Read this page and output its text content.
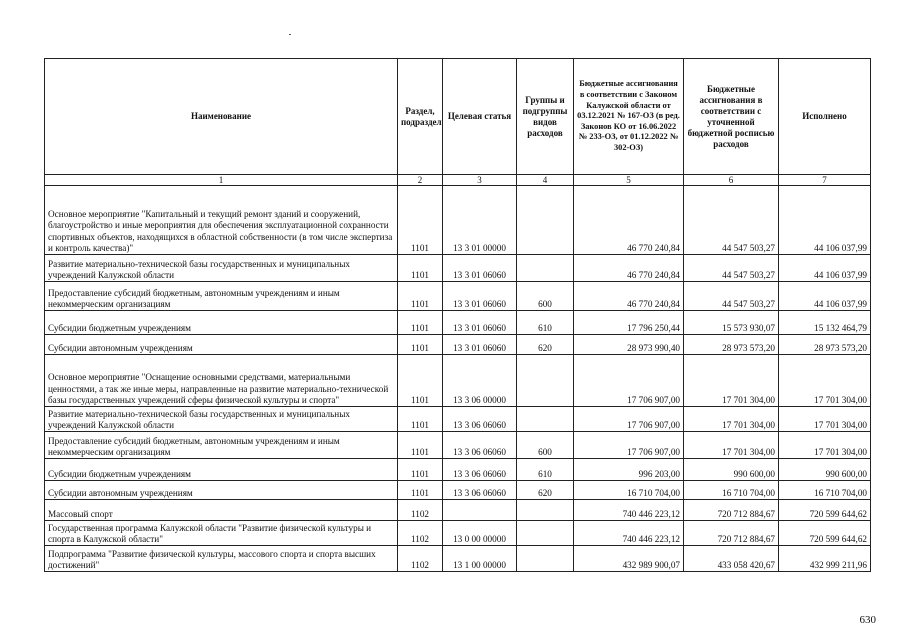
Наименование	Раздел, подраздел	Целевая статья	Группы и подгруппы видов расходов	Бюджетные ассигнования в соответствии с Законом Калужской области от 03.12.2021 № 167-ОЗ (в ред. Законов КО от 16.06.2022 № 233-ОЗ, от 01.12.2022 № 302-ОЗ)	Бюджетные ассигнования в соответствии с уточненной бюджетной росписью расходов	Исполнено
1	2	3	4	5	6	7
Основное мероприятие "Капитальный и текущий ремонт зданий и сооружений, благоустройство и иные мероприятия для обеспечения эксплуатационной сохранности спортивных объектов, находящихся в областной собственности (в том числе экспертиза и контроль качества)"	1101	13 3 01 00000		46 770 240,84	44 547 503,27	44 106 037,99
Развитие материально-технической базы государственных и муниципальных учреждений Калужской области	1101	13 3 01 06060		46 770 240,84	44 547 503,27	44 106 037,99
Предоставление субсидий бюджетным, автономным учреждениям и иным некоммерческим организациям	1101	13 3 01 06060	600	46 770 240,84	44 547 503,27	44 106 037,99
Субсидии бюджетным учреждениям	1101	13 3 01 06060	610	17 796 250,44	15 573 930,07	15 132 464,79
Субсидии автономным учреждениям	1101	13 3 01 06060	620	28 973 990,40	28 973 573,20	28 973 573,20
Основное мероприятие "Оснащение основными средствами, материальными ценностями, а так же иные меры, направленные на развитие материально-технической базы государственных учреждений сферы физической культуры и спорта"	1101	13 3 06 00000		17 706 907,00	17 701 304,00	17 701 304,00
Развитие материально-технической базы государственных и муниципальных учреждений Калужской области	1101	13 3 06 06060		17 706 907,00	17 701 304,00	17 701 304,00
Предоставление субсидий бюджетным, автономным учреждениям и иным некоммерческим организациям	1101	13 3 06 06060	600	17 706 907,00	17 701 304,00	17 701 304,00
Субсидии бюджетным учреждениям	1101	13 3 06 06060	610	996 203,00	990 600,00	990 600,00
Субсидии автономным учреждениям	1101	13 3 06 06060	620	16 710 704,00	16 710 704,00	16 710 704,00
Массовый спорт	1102			740 446 223,12	720 712 884,67	720 599 644,62
Государственная программа Калужской области "Развитие физической культуры и спорта в Калужской области"	1102	13 0 00 00000		740 446 223,12	720 712 884,67	720 599 644,62
Подпрограмма "Развитие физической культуры, массового спорта и спорта высших достижений"	1102	13 1 00 00000		432 989 900,07	433 058 420,67	432 999 211,96
630
